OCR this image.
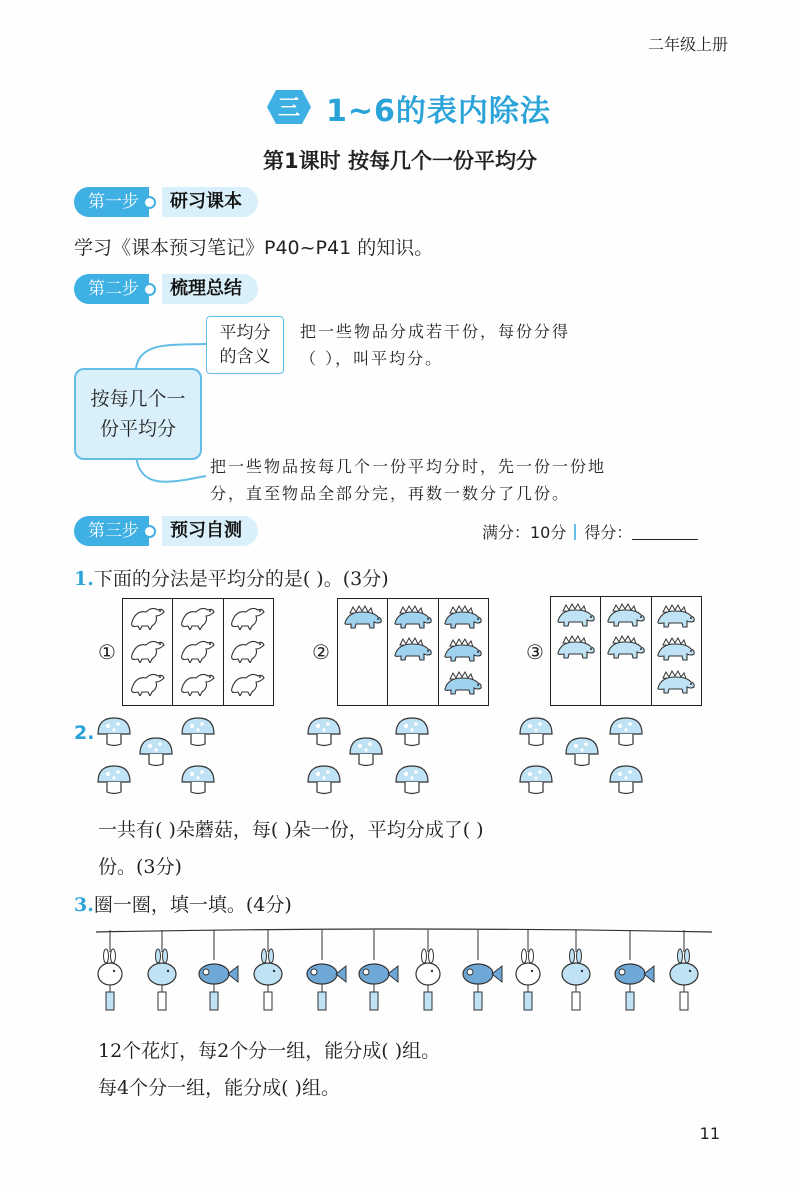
二年级上册
三 1~6的表内除法
第1课时 按每几个一份平均分
第一步	研习课本
学习《课本预习笔记》P40~P41 的知识。
第二步	梳理总结
按每几个一
份平均分
平均分
的含义
把一些物品分成若干份，每份分得
（ ），叫平均分。
把一些物品按每几个一份平均分时，先一份一份地
分，直至物品全部分完，再数一数分了几份。
第三步	预习自测	满分：10分 得分：
1.下面的分法是平均分的是( )。(3分)
①	②	③
2.
一共有( )朵蘑菇，每( )朵一份，平均分成了( )
份。(3分)
3.圈一圈，填一填。(4分)
12个花灯，每2个分一组，能分成( )组。
每4个分一组，能分成( )组。
11
